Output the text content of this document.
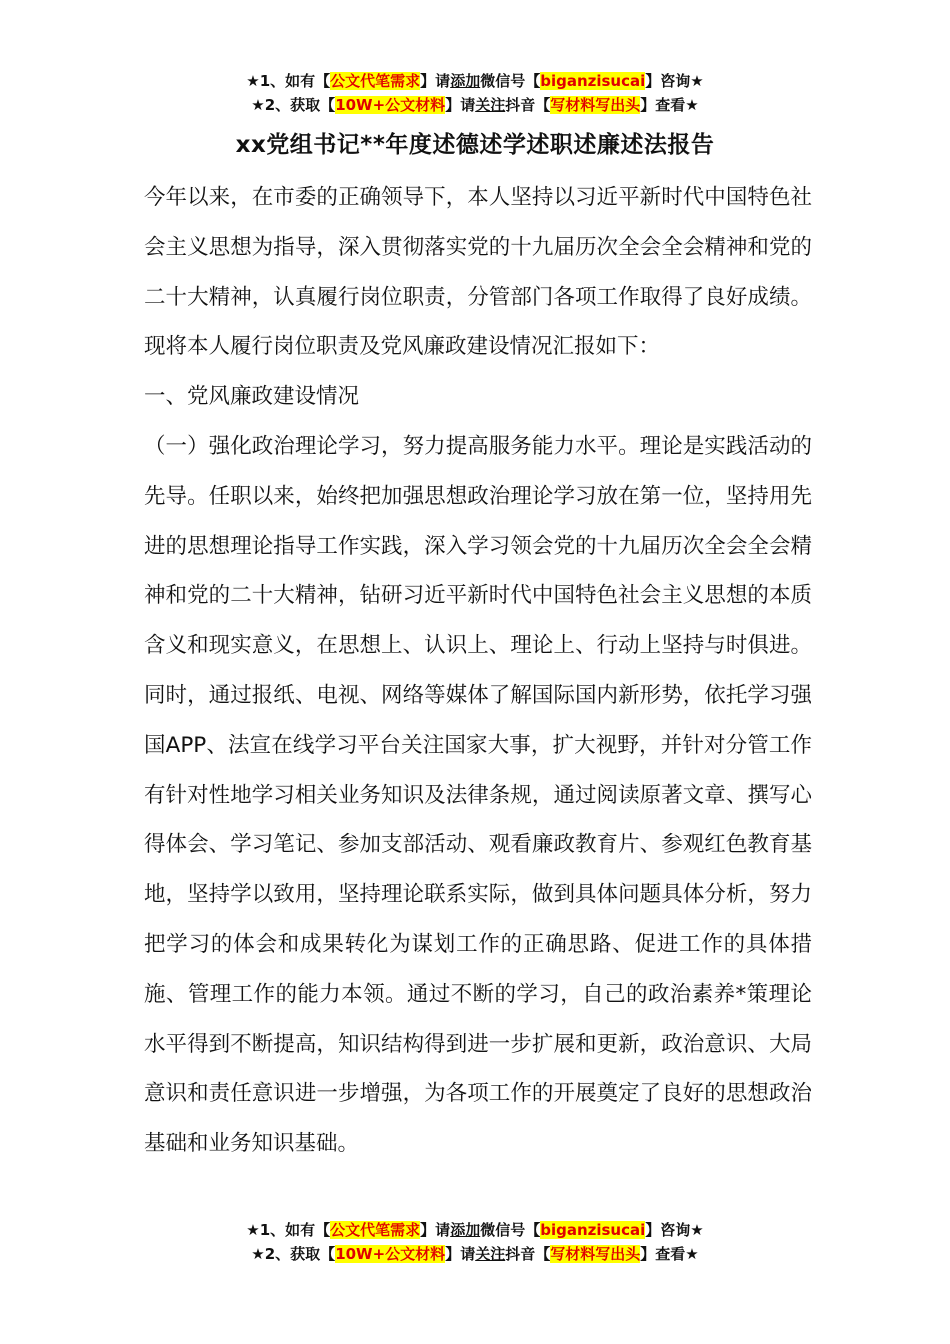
★1、如有【公文代笔需求】请添加微信号【biganzisucai】咨询★
★2、获取【10W+公文材料】请关注抖音【写材料写出头】查看★
xx党组书记**年度述德述学述职述廉述法报告

今年以来，在市委的正确领导下，本人坚持以习近平新时代中国特色社会主义思想为指导，深入贯彻落实党的十九届历次全会全会精神和党的二十大精神，认真履行岗位职责，分管部门各项工作取得了良好成绩。现将本人履行岗位职责及党风廉政建设情况汇报如下：

一、党风廉政建设情况

（一）强化政治理论学习，努力提高服务能力水平。理论是实践活动的先导。任职以来，始终把加强思想政治理论学习放在第一位，坚持用先进的思想理论指导工作实践，深入学习领会党的十九届历次全会全会精神和党的二十大精神，钻研习近平新时代中国特色社会主义思想的本质含义和现实意义，在思想上、认识上、理论上、行动上坚持与时俱进。同时，通过报纸、电视、网络等媒体了解国际国内新形势，依托学习强国APP、法宣在线学习平台关注国家大事，扩大视野，并针对分管工作有针对性地学习相关业务知识及法律条规，通过阅读原著文章、撰写心得体会、学习笔记、参加支部活动、观看廉政教育片、参观红色教育基地，坚持学以致用，坚持理论联系实际，做到具体问题具体分析，努力把学习的体会和成果转化为谋划工作的正确思路、促进工作的具体措施、管理工作的能力本领。通过不断的学习，自己的政治素养*策理论水平得到不断提高，知识结构得到进一步扩展和更新，政治意识、大局意识和责任意识进一步增强，为各项工作的开展奠定了良好的思想政治基础和业务知识基础。

★1、如有【公文代笔需求】请添加微信号【biganzisucai】咨询★
★2、获取【10W+公文材料】请关注抖音【写材料写出头】查看★
